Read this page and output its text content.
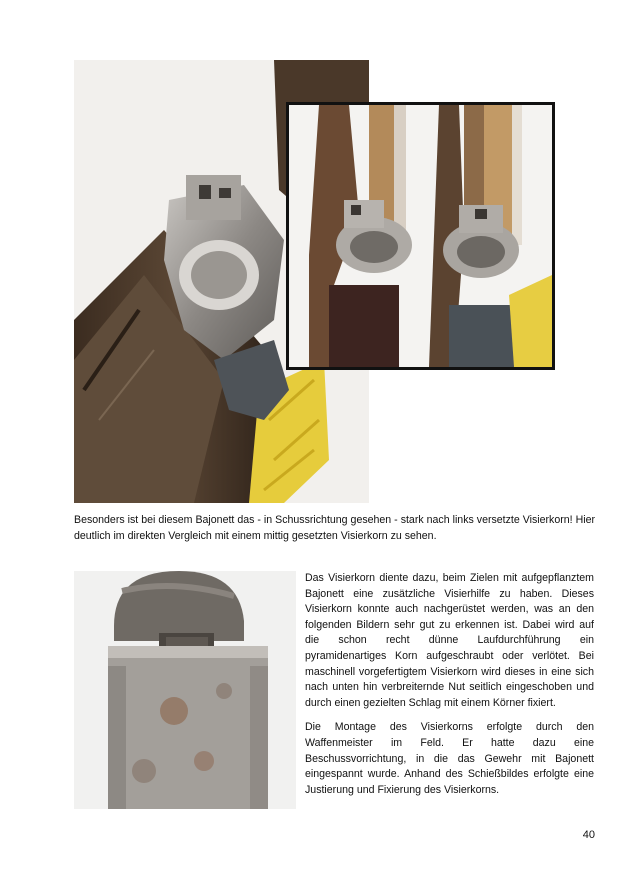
Besonders ist bei diesem Bajonett das - in Schussrichtung gesehen - stark nach links versetzte Visierkorn! Hier deutlich im direkten Vergleich mit einem mittig gesetzten Visierkorn zu sehen.

Das Visierkorn diente dazu, beim Zielen mit aufgepflanztem Bajonett eine zusätzliche Visierhilfe zu haben. Dieses Visierkorn konnte auch nachgerüstet werden, was an den folgenden Bildern sehr gut zu erkennen ist. Dabei wird auf die schon recht dünne Laufdurchführung ein pyramidenartiges Korn aufgeschraubt oder verlötet. Bei maschinell vorgefertigtem Visierkorn wird dieses in eine sich nach unten hin verbreiternde Nut seitlich eingeschoben und durch einen gezielten Schlag mit einem Körner fixiert.

Die Montage des Visierkorns erfolgte durch den Waffenmeister im Feld. Er hatte dazu eine Beschussvorrichtung, in die das Gewehr mit Bajonett eingespannt wurde. Anhand des Schießbildes erfolgte eine Justierung und Fixierung des Visierkorns.

40
